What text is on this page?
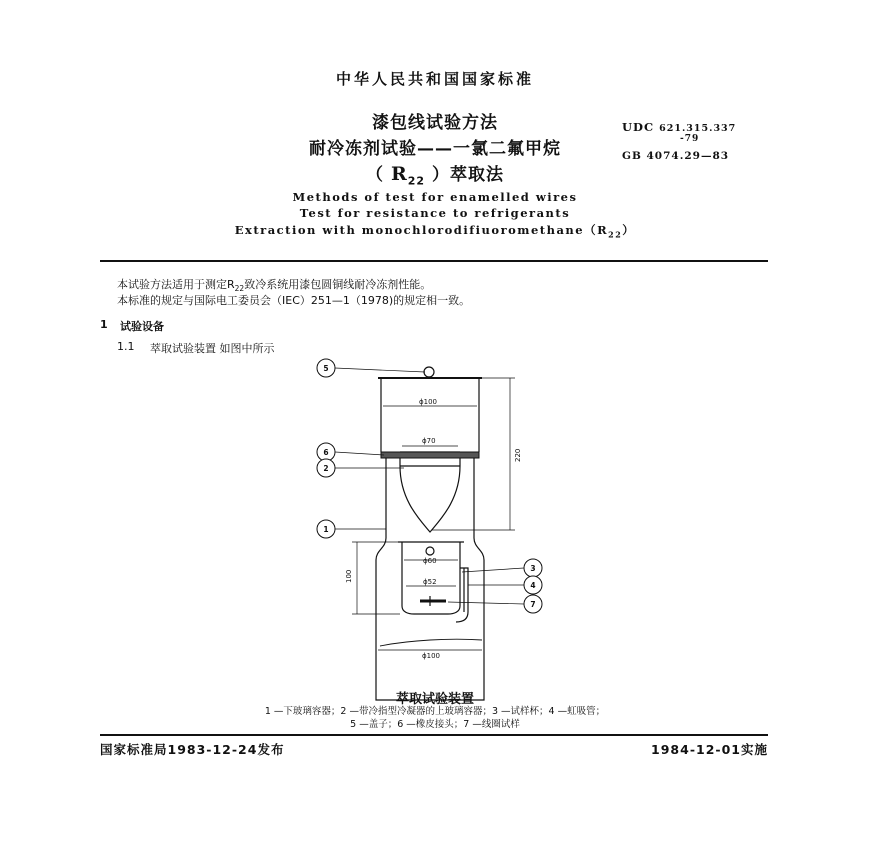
中华人民共和国国家标准
漆包线试验方法
耐冷冻剂试验——一氯二氟甲烷
（ $R_{22}$ ）萃取法
UDC 621.315.337
-79
GB 4074.29—83
Methods of test for enamelled wires
Test for resistance to refrigerants
Extraction with $monochlorodifiuoromethane(R_{22})$
本试验方法适用于测定$R_{22}$致冷系统用漆包圆铜线耐冷冻剂性能。
本标准的规定与国际电工委员会（IEC）251—1（1978)的规定相一致。
1 试验设备
1.1 萃取试验装置 如图中所示
ϕ100
ϕ70
220
ϕ60
ϕ52
100
ϕ100
5
6
2
1
3
4
7
萃取试验装置
1 —下玻璃容器；2 —带冷指型冷凝器的上玻璃容器；3 —试样杯；4 —虹吸管；
5 —盖子；6 —橡皮接头；7 —线圈试样
国家标准局1983-12-24发布	1984-12-01实施
